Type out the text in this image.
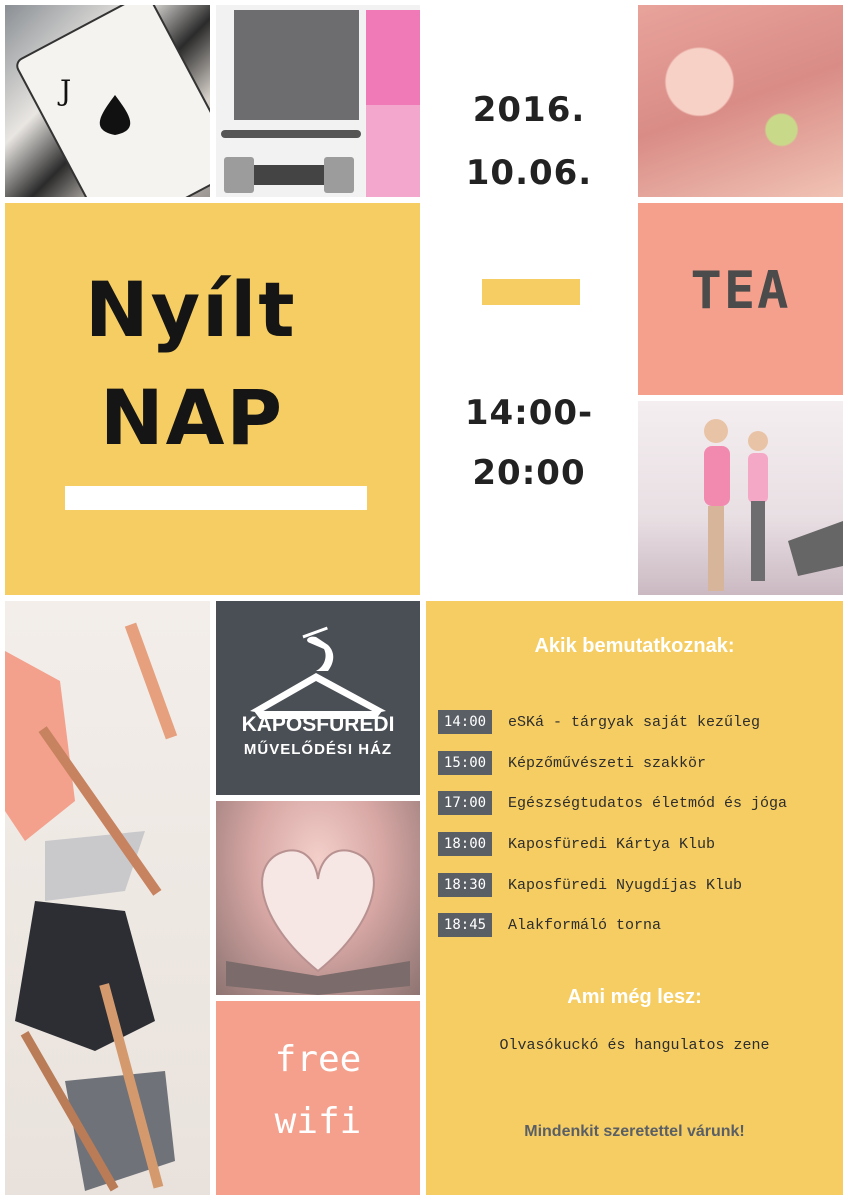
J	2016.
10.06.
Nyílt
NAP	14:00-
20:00
TEA
KAPOSFÜREDI
MŰVELŐDÉSI HÁZ
free
wifi
Akik bemutatkoznak:
14:00	eSKá - tárgyak saját kezűleg
15:00	Képzőművészeti szakkör
17:00	Egészségtudatos életmód és jóga
18:00	Kaposfüredi Kártya Klub
18:30	Kaposfüredi Nyugdíjas Klub
18:45	Alakformáló torna
Ami még lesz:
Olvasókuckó és hangulatos zene
Mindenkit szeretettel várunk!
